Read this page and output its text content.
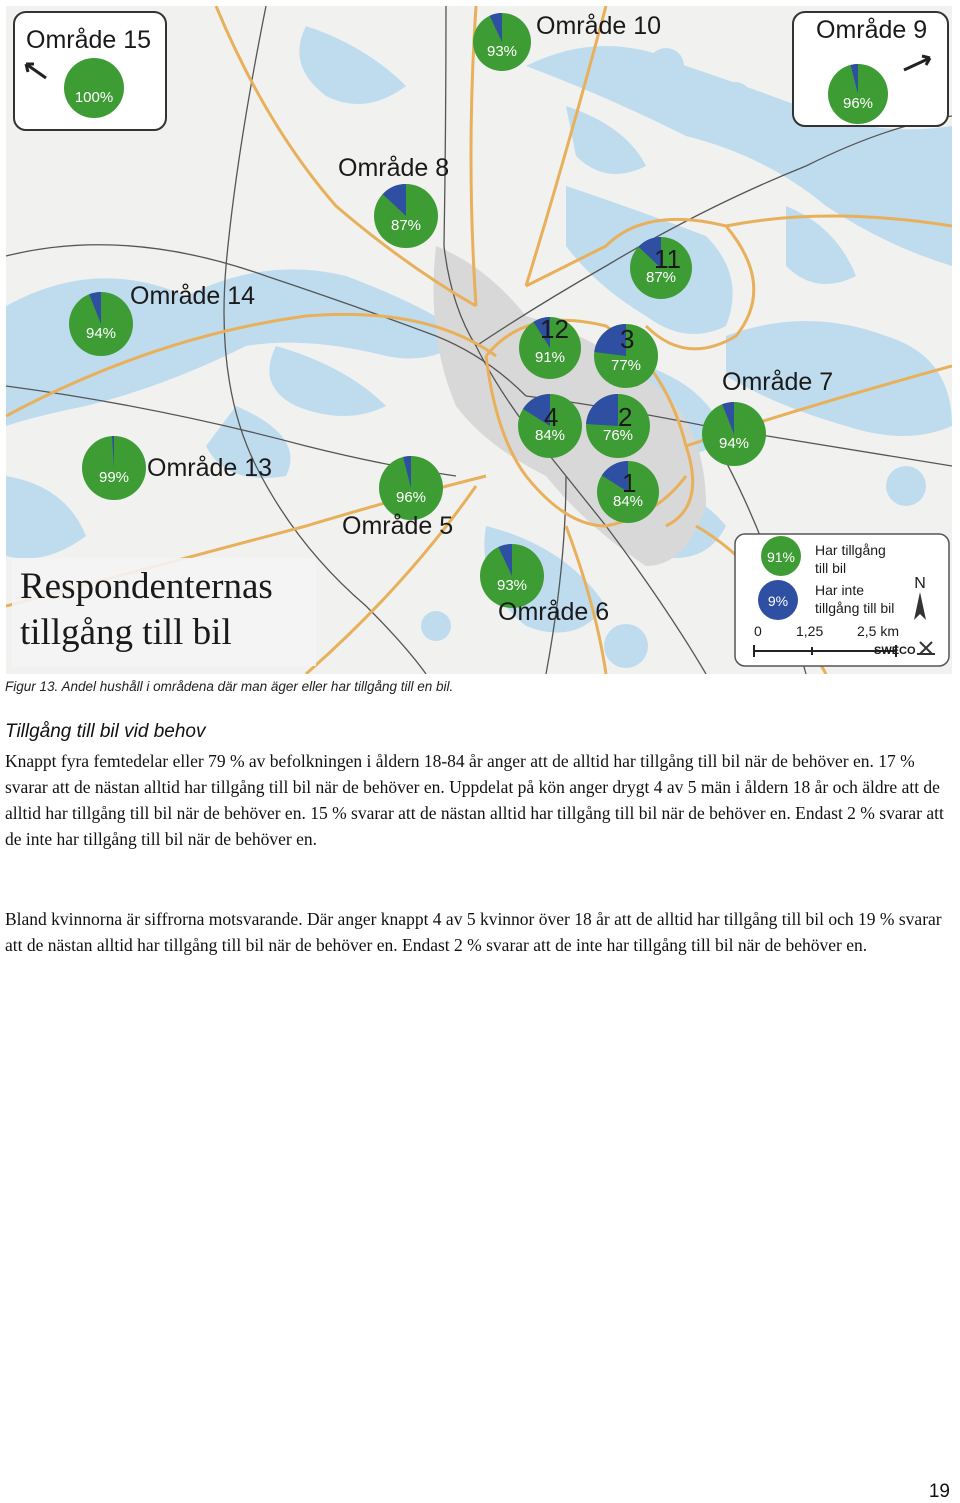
100%
93%
96%
87%
94%
87%
91%	77%
94%
84%	76%
99%
96%	84%
93%
Område 15	Område 10	Område 9
Område 8
Område 14
11
12 3
Område 7
4 2
Område 13
Område 5
1
Område 6
Respondenternas
tillgång till bil
91% Har tillgång
till bil
9%
Har inte
tillgång till bil
N
0 1,25 2,5 km
SWECO
Figur 13. Andel hushåll i områdena där man äger eller har tillgång till en bil.
Tillgång till bil vid behov
Knappt fyra femtedelar eller 79 % av befolkningen i åldern 18-84 år anger att de alltid har tillgång till bil när de behöver en. 17 % svarar att de nästan alltid har tillgång till bil när de behöver en. Uppdelat på kön anger drygt 4 av 5 män i åldern 18 år och äldre att de alltid har tillgång till bil när de behöver en. 15 % svarar att de nästan alltid har tillgång till bil när de behöver en. Endast 2 % svarar att de inte har tillgång till bil när de behöver en.
Bland kvinnorna är siffrorna motsvarande. Där anger knappt 4 av 5 kvinnor över 18 år att de alltid har tillgång till bil och 19 % svarar att de nästan alltid har tillgång till bil när de behöver en. Endast 2 % svarar att de inte har tillgång till bil när de behöver en.
19
